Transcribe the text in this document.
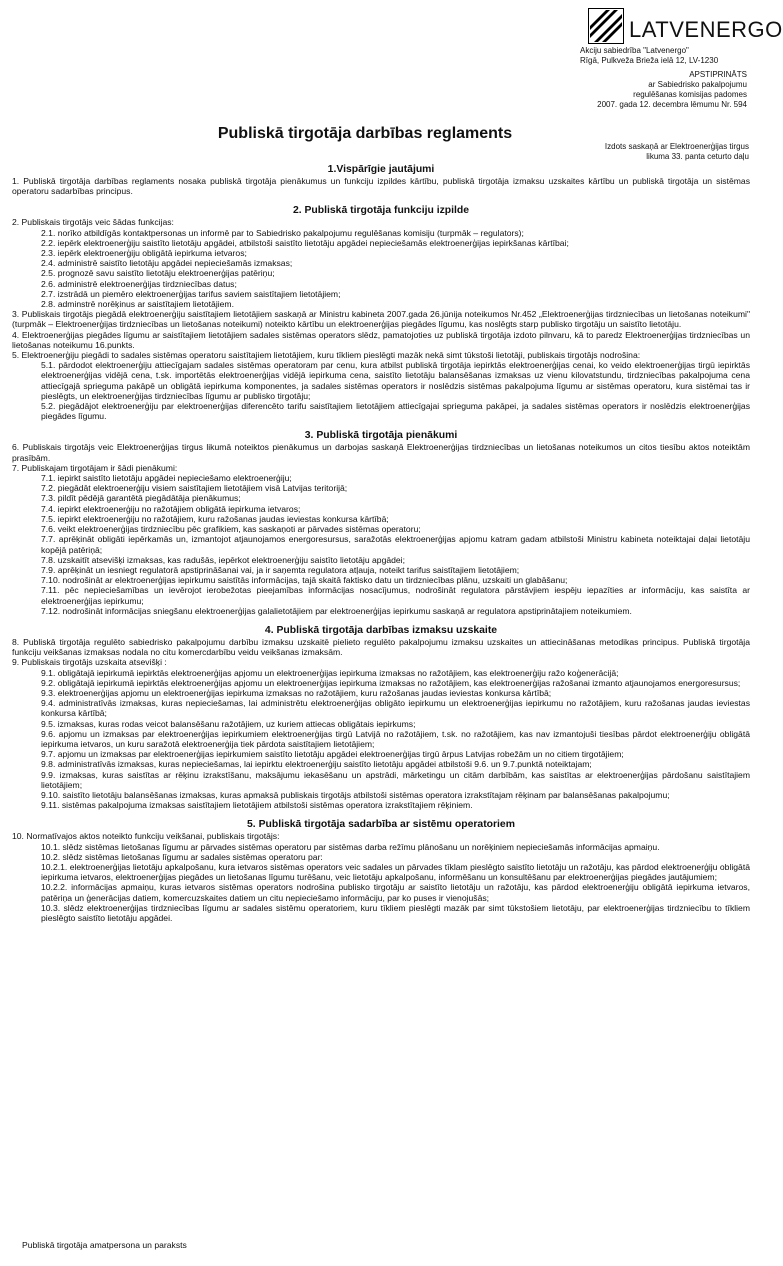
LATVENERGO
Akciju sabiedrība "Latvenergo"
Rīgā, Pulkveža Brieža ielā 12, LV-1230
APSTIPRINĀTS
ar Sabiedrisko pakalpojumu
regulēšanas komisijas padomes
2007. gada 12. decembra lēmumu Nr. 594
Publiskā tirgotāja darbības reglaments
Izdots saskaņā ar Elektroenerģijas tirgus
likuma 33. panta ceturto daļu
1.Vispārīgie jautājumi
1. Publiskā tirgotāja darbības reglaments nosaka publiskā tirgotāja pienākumus un funkciju izpildes kārtību, publiskā tirgotāja izmaksu uzskaites kārtību un publiskā tirgotāja un sistēmas operatoru sadarbības principus.
2. Publiskā tirgotāja funkciju izpilde
2. Publiskais tirgotājs veic šādas funkcijas:
2.1. norīko atbildīgās kontaktpersonas un informē par to Sabiedrisko pakalpojumu regulēšanas komisiju (turpmāk – regulators);
2.2. iepērk elektroenerģiju saistīto lietotāju apgādei, atbilstoši saistīto lietotāju apgādei nepieciešamās elektroenerģijas iepirkšanas kārtībai;
2.3. iepērk elektroenerģiju obligātā iepirkuma ietvaros;
2.4. administrē saistīto lietotāju apgādei nepieciešamās izmaksas;
2.5. prognozē savu saistīto lietotāju elektroenerģijas patēriņu;
2.6. administrē elektroenerģijas tirdzniecības datus;
2.7. izstrādā un piemēro elektroenerģijas tarifus saviem saistītajiem lietotājiem;
2.8. adminstrē norēķinus ar saistītajiem lietotājiem.
3. Publiskais tirgotājs piegādā elektroenerģiju saistītajiem lietotājiem saskaņā ar Ministru kabineta 2007.gada 26.jūnija noteikumos Nr.452 „Elektroenerģijas tirdzniecības un lietošanas noteikumi" (turpmāk – Elektroenerģijas tirdzniecības un lietošanas noteikumi) noteikto kārtību un elektroenerģijas piegādes līgumu, kas noslēgts starp publisko tirgotāju un saistīto lietotāju.
4. Elektroenerģijas piegādes līgumu ar saistītajiem lietotājiem sadales sistēmas operators slēdz, pamatojoties uz publiskā tirgotāja izdoto pilnvaru, kā to paredz Elektroenerģijas tirdzniecības un lietošanas noteikumu 16.punkts.
5. Elektroenerģiju piegādi to sadales sistēmas operatoru saistītajiem lietotājiem, kuru tīkliem pieslēgti mazāk nekā simt tūkstoši lietotāji, publiskais tirgotājs nodrošina:
5.1. pārdodot elektroenerģiju attiecīgajam sadales sistēmas operatoram par cenu, kura atbilst publiskā tirgotāja iepirktās elektroenerģijas cenai, ko veido elektroenerģijas tirgū iepirktās elektroenerģijas vidējā cena, t.sk. importētās elektroenerģijas vidējā iepirkuma cena, saistīto lietotāju balansēšanas izmaksas uz vienu kilovatstundu, tirdzniecības pakalpojuma cena attiecīgajā sprieguma pakāpē un obligātā iepirkuma komponentes, ja sadales sistēmas operators ir noslēdzis sistēmas pakalpojuma līgumu ar sistēmas operatoru, kura sistēmai tas ir pieslēgts, un elektroenerģijas tirdzniecības līgumu ar publisko tirgotāju;
5.2. piegādājot elektroenerģiju par elektroenerģijas diferencēto tarifu saistītajiem lietotājiem attiecīgajai sprieguma pakāpei, ja sadales sistēmas operators ir noslēdzis elektroenerģijas piegādes līgumu.
3. Publiskā tirgotāja pienākumi
6. Publiskais tirgotājs veic Elektroenerģijas tirgus likumā noteiktos pienākumus un darbojas saskaņā Elektroenerģijas tirdzniecības un lietošanas noteikumos un citos tiesību aktos noteiktām prasībām.
7. Publiskajam tirgotājam ir šādi pienākumi:
7.1. iepirkt saistīto lietotāju apgādei nepieciešamo elektroenerģiju;
7.2. piegādāt elektroenerģiju visiem saistītajiem lietotājiem visā Latvijas teritorijā;
7.3. pildīt pēdējā garantētā piegādātāja pienākumus;
7.4. iepirkt elektroenerģiju no ražotājiem obligātā iepirkuma ietvaros;
7.5. iepirkt elektroenerģiju no ražotājiem, kuru ražošanas jaudas ieviestas konkursa kārtībā;
7.6. veikt elektroenerģijas tirdzniecību pēc grafikiem, kas saskaņoti ar pārvades sistēmas operatoru;
7.7. aprēķināt obligāti iepērkamās un, izmantojot atjaunojamos energoresursus, saražotās elektroenerģijas apjomu katram gadam atbilstoši Ministru kabineta noteiktajai daļai lietotāju kopējā patēriņā;
7.8. uzskaitīt atsevišķi izmaksas, kas radušās, iepērkot elektroenerģiju saistīto lietotāju apgādei;
7.9. aprēķināt un iesniegt regulatorā apstiprināšanai vai, ja ir saņemta regulatora atļauja, noteikt tarifus saistītajiem lietotājiem;
7.10. nodrošināt ar elektroenerģijas iepirkumu saistītās informācijas, tajā skaitā faktisko datu un tirdzniecības plānu, uzskaiti un glabāšanu;
7.11. pēc nepieciešamības un ievērojot ierobežotas pieejamības informācijas nosacījumus, nodrošināt regulatora pārstāvjiem iespēju iepazīties ar informāciju, kas saistīta ar elektroenerģijas iepirkumu;
7.12. nodrošināt informācijas sniegšanu elektroenerģijas galalietotājiem par elektroenerģijas iepirkumu saskaņā ar regulatora apstiprinātajiem noteikumiem.
4. Publiskā tirgotāja darbības izmaksu uzskaite
8. Publiskā tirgotāja regulēto sabiedrisko pakalpojumu darbību izmaksu uzskaitē pielieto regulēto pakalpojumu izmaksu uzskaites un attiecināšanas metodikas principus. Publiskā tirgotāja funkciju veikšanas izmaksas nodala no citu komercdarbību veidu veikšanas izmaksām.
9. Publiskais tirgotājs uzskaita atsevišķi :
9.1. obligātajā iepirkumā iepirktās elektroenerģijas apjomu un elektroenerģijas iepirkuma izmaksas no ražotājiem, kas elektroenerģiju ražo koģenerācijā;
9.2. obligātajā iepirkumā iepirktās elektroenerģijas apjomu un elektroenerģijas iepirkuma izmaksas no ražotājiem, kas elektroenerģijas ražošanai izmanto atjaunojamos energoresursus;
9.3. elektroenerģijas apjomu un elektroenerģijas iepirkuma izmaksas no ražotājiem, kuru ražošanas jaudas ieviestas konkursa kārtībā;
9.4. administratīvās izmaksas, kuras nepieciešamas, lai administrētu elektroenerģijas obligāto iepirkumu un elektroenerģijas iepirkumu no ražotājiem, kuru ražošanas jaudas ieviestas konkursa kārtībā;
9.5. izmaksas, kuras rodas veicot balansēšanu ražotājiem, uz kuriem attiecas obligātais iepirkums;
9.6. apjomu un izmaksas par elektroenerģijas iepirkumiem elektroenerģijas tirgū Latvijā no ražotājiem, t.sk. no ražotājiem, kas nav izmantojuši tiesības pārdot elektroenerģiju obligātā iepirkuma ietvaros, un kuru saražotā elektroenerģija tiek pārdota saistītajiem lietotājiem;
9.7. apjomu un izmaksas par elektroenerģijas iepirkumiem saistīto lietotāju apgādei elektroenerģijas tirgū ārpus Latvijas robežām un no citiem tirgotājiem;
9.8. administratīvās izmaksas, kuras nepieciešamas, lai iepirktu elektroenerģiju saistīto lietotāju apgādei atbilstoši 9.6. un 9.7.punktā noteiktajam;
9.9. izmaksas, kuras saistītas ar rēķinu izrakstīšanu, maksājumu iekasēšanu un apstrādi, mārketingu un citām darbībām, kas saistītas ar elektroenerģijas pārdošanu saistītajiem lietotājiem;
9.10. saistīto lietotāju balansēšanas izmaksas, kuras apmaksā publiskais tirgotājs atbilstoši sistēmas operatora izrakstītajam rēķinam par balansēšanas pakalpojumu;
9.11. sistēmas pakalpojuma izmaksas saistītajiem lietotājiem atbilstoši sistēmas operatora izrakstītajiem rēķiniem.
5. Publiskā tirgotāja sadarbība ar sistēmu operatoriem
10. Normatīvajos aktos noteikto funkciju veikšanai, publiskais tirgotājs:
10.1. slēdz sistēmas lietošanas līgumu ar pārvades sistēmas operatoru par sistēmas darba režīmu plānošanu un norēķiniem nepieciešamās informācijas apmaiņu.
10.2. slēdz sistēmas lietošanas līgumu ar sadales sistēmas operatoru par:
10.2.1. elektroenerģijas lietotāju apkalpošanu, kura ietvaros sistēmas operators veic sadales un pārvades tīklam pieslēgto saistīto lietotāju un ražotāju, kas pārdod elektroenerģiju obligātā iepirkuma ietvaros, elektroenerģijas piegādes un lietošanas līgumu turēšanu, veic lietotāju apkalpošanu, informēšanu un konsultēšanu par elektroenerģijas piegādes jautājumiem;
10.2.2. informācijas apmaiņu, kuras ietvaros sistēmas operators nodrošina publisko tirgotāju ar saistīto lietotāju un ražotāju, kas pārdod elektroenerģiju obligātā iepirkuma ietvaros, patēriņa un ģenerācijas datiem, komercuzskaites datiem un citu nepieciešamo informāciju, par ko puses ir vienojušās;
10.3. slēdz elektroenerģijas tirdzniecības līgumu ar sadales sistēmu operatoriem, kuru tīkliem pieslēgti mazāk par simt tūkstošiem lietotāju, par elektroenerģijas tirdzniecību to tīkliem pieslēgto saistīto lietotāju apgādei.
Publiskā tirgotāja amatpersona un paraksts
